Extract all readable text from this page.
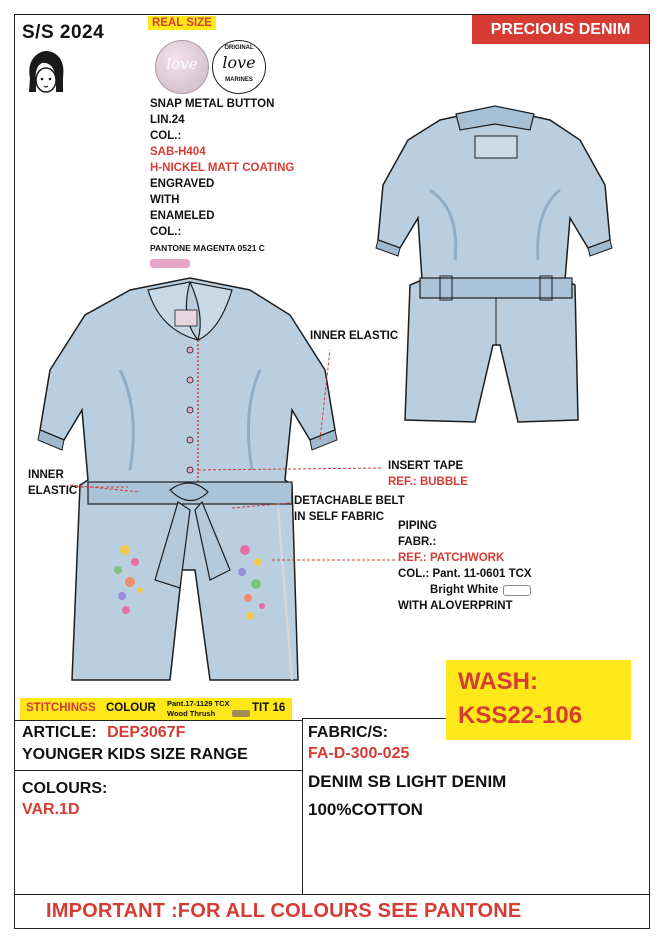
S/S 2024	REAL SIZE	PRECIOUS DENIM
love
ORIGINAL
love
MARINES
SNAP METAL BUTTON
LIN.24
COL.:
SAB-H404
H-NICKEL MATT COATING
ENGRAVED
WITH
ENAMELED
COL.:
PANTONE MAGENTA 0521 C
INNER ELASTIC
INNER
ELASTIC
INSERT TAPE
REF.: BUBBLE
DETACHABLE BELT
IN SELF FABRIC
PIPING
FABR.:
REF.: PATCHWORK
COL.: Pant. 11-0601 TCX
Bright White
WITH ALOVERPRINT
WASH:
KSS22-106
STITCHINGS COLOUR Pant.17-1129 TCX
Wood Thrush	TIT 16
ARTICLE: DEP3067F
YOUNGER KIDS SIZE RANGE
COLOURS:
VAR.1D
FABRIC/S:
FA-D-300-025
DENIM SB LIGHT DENIM
100%COTTON
IMPORTANT :FOR ALL COLOURS SEE PANTONE
